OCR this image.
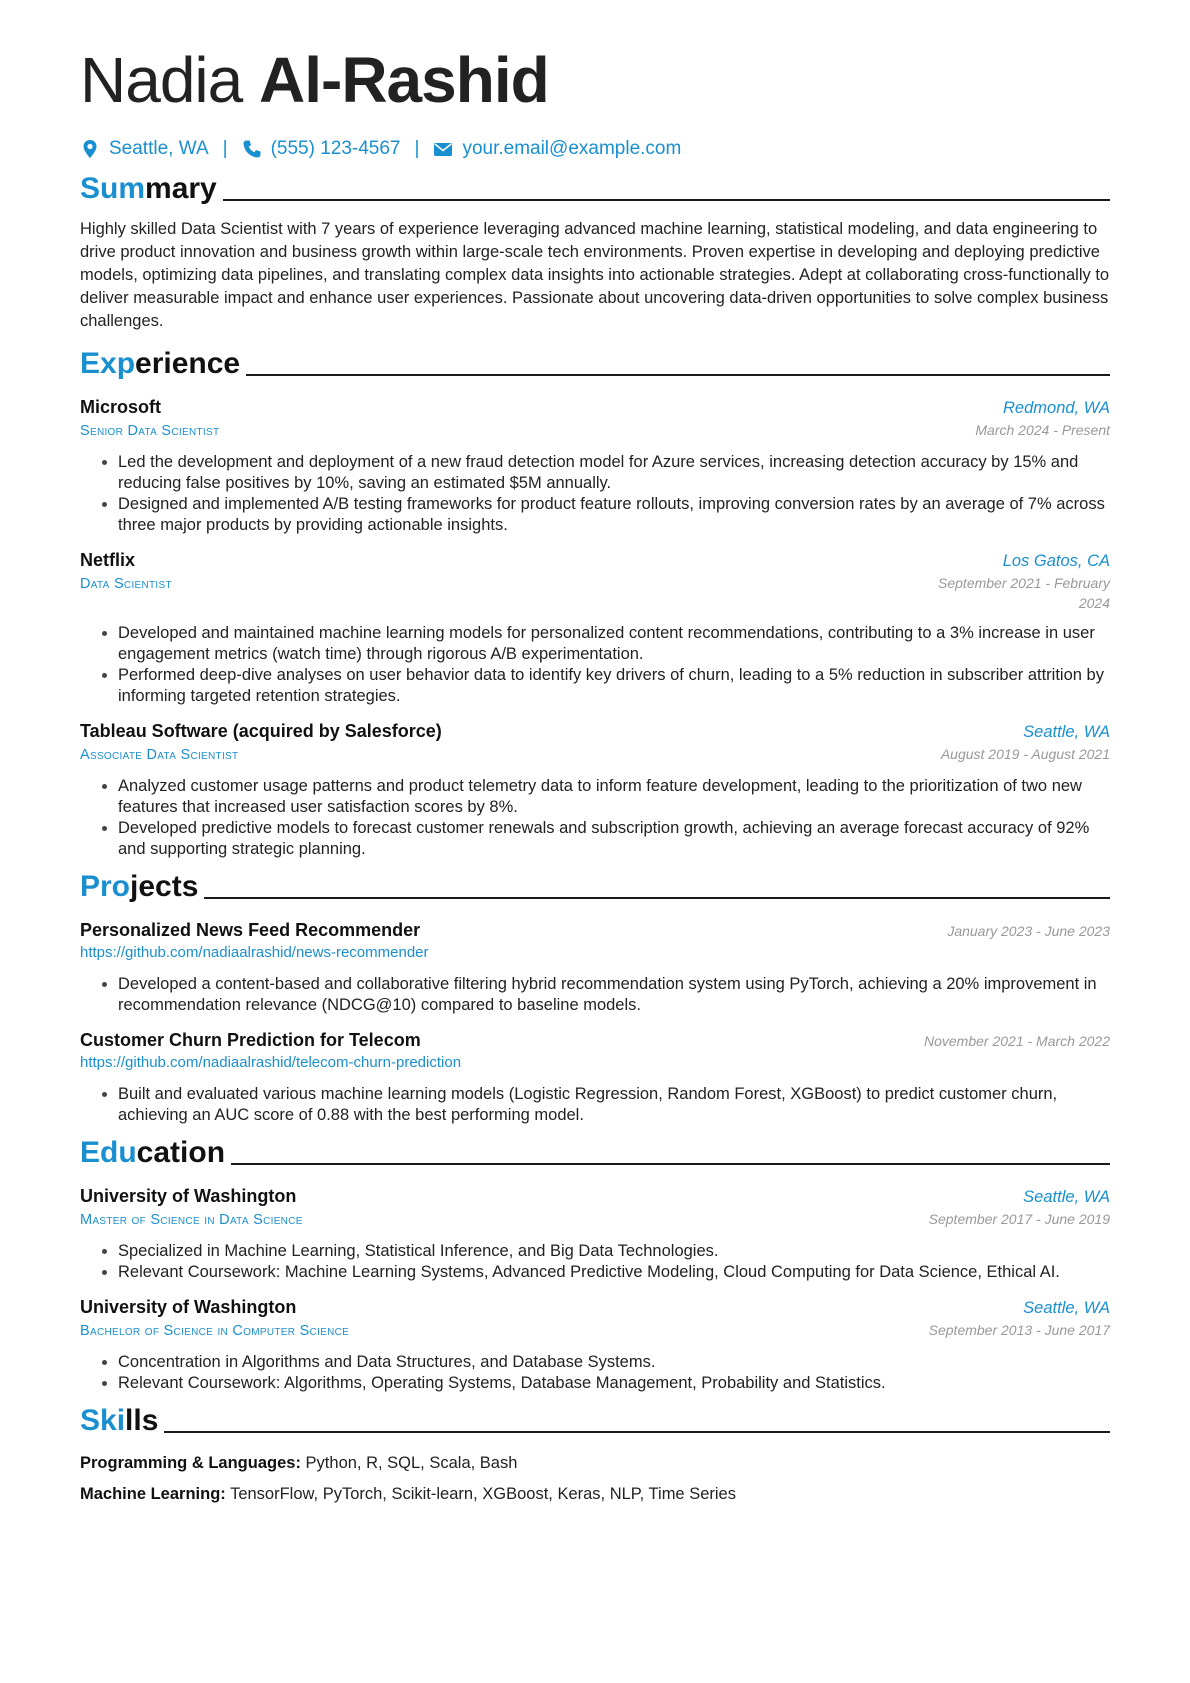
Nadia Al-Rashid
Seattle, WA | (555) 123-4567 | your.email@example.com
Summary
Highly skilled Data Scientist with 7 years of experience leveraging advanced machine learning, statistical modeling, and data engineering to drive product innovation and business growth within large-scale tech environments. Proven expertise in developing and deploying predictive models, optimizing data pipelines, and translating complex data insights into actionable strategies. Adept at collaborating cross-functionally to deliver measurable impact and enhance user experiences. Passionate about uncovering data-driven opportunities to solve complex business challenges.
Experience
Microsoft	Redmond, WA
Senior Data Scientist	March 2024 - Present
• Led the development and deployment of a new fraud detection model for Azure services, increasing detection accuracy by 15% and reducing false positives by 10%, saving an estimated $5M annually.
• Designed and implemented A/B testing frameworks for product feature rollouts, improving conversion rates by an average of 7% across three major products by providing actionable insights.
Netflix	Los Gatos, CA
Data Scientist	September 2021 - February 2024
• Developed and maintained machine learning models for personalized content recommendations, contributing to a 3% increase in user engagement metrics (watch time) through rigorous A/B experimentation.
• Performed deep-dive analyses on user behavior data to identify key drivers of churn, leading to a 5% reduction in subscriber attrition by informing targeted retention strategies.
Tableau Software (acquired by Salesforce)	Seattle, WA
Associate Data Scientist	August 2019 - August 2021
• Analyzed customer usage patterns and product telemetry data to inform feature development, leading to the prioritization of two new features that increased user satisfaction scores by 8%.
• Developed predictive models to forecast customer renewals and subscription growth, achieving an average forecast accuracy of 92% and supporting strategic planning.
Projects
Personalized News Feed Recommender	January 2023 - June 2023
https://github.com/nadiaalrashid/news-recommender
• Developed a content-based and collaborative filtering hybrid recommendation system using PyTorch, achieving a 20% improvement in recommendation relevance (NDCG@10) compared to baseline models.
Customer Churn Prediction for Telecom	November 2021 - March 2022
https://github.com/nadiaalrashid/telecom-churn-prediction
• Built and evaluated various machine learning models (Logistic Regression, Random Forest, XGBoost) to predict customer churn, achieving an AUC score of 0.88 with the best performing model.
Education
University of Washington	Seattle, WA
Master of Science in Data Science	September 2017 - June 2019
• Specialized in Machine Learning, Statistical Inference, and Big Data Technologies.
• Relevant Coursework: Machine Learning Systems, Advanced Predictive Modeling, Cloud Computing for Data Science, Ethical AI.
University of Washington	Seattle, WA
Bachelor of Science in Computer Science	September 2013 - June 2017
• Concentration in Algorithms and Data Structures, and Database Systems.
• Relevant Coursework: Algorithms, Operating Systems, Database Management, Probability and Statistics.
Skills
Programming & Languages: Python, R, SQL, Scala, Bash
Machine Learning: TensorFlow, PyTorch, Scikit-learn, XGBoost, Keras, NLP, Time Series
